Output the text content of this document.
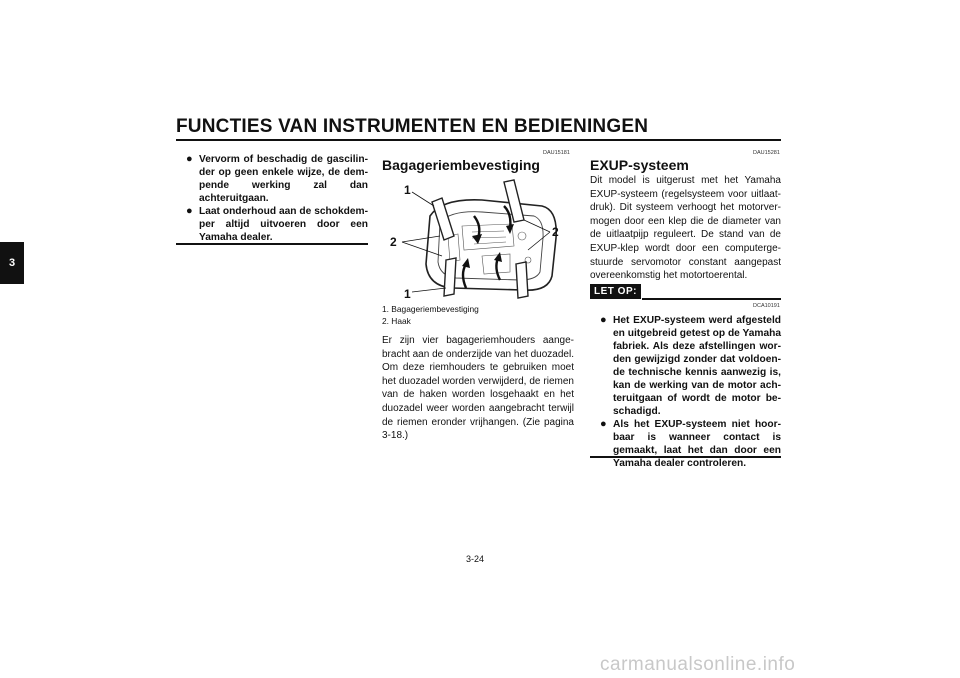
FUNCTIES VAN INSTRUMENTEN EN BEDIENINGEN
3
● Vervorm of beschadig de gascilinder op geen enkele wijze, de dempende werking zal dan achteruitgaan.
● Laat onderhoud aan de schokdemper altijd uitvoeren door een Yamaha dealer.
DAU15181
Bagageriembevestiging
1
2
2
1
1. Bagageriembevestiging
2. Haak
Er zijn vier bagageriemhouders aangebracht aan de onderzijde van het duozadel. Om deze riemhouders te gebruiken moet het duozadel worden verwijderd, de riemen van de haken worden losgehaakt en het duozadel weer worden aangebracht terwijl de riemen eronder vrijhangen. (Zie pagina 3-18.)
DAU15281
EXUP-systeem
Dit model is uitgerust met het Yamaha EXUP-systeem (regelsysteem voor uitlaatdruk). Dit systeem verhoogt het motorvermogen door een klep die de diameter van de uitlaatpijp reguleert. De stand van de EXUP-klep wordt door een computergestuurde servomotor constant aangepast overeenkomstig het motortoerental.
LET OP:
DCA10191
● Het EXUP-systeem werd afgesteld en uitgebreid getest op de Yamaha fabriek. Als deze afstellingen worden gewijzigd zonder dat voldoende technische kennis aanwezig is, kan de werking van de motor achteruitgaan of wordt de motor beschadigd.
● Als het EXUP-systeem niet hoorbaar is wanneer contact is gemaakt, laat het dan door een Yamaha dealer controleren.
3-24
carmanualsonline.info
